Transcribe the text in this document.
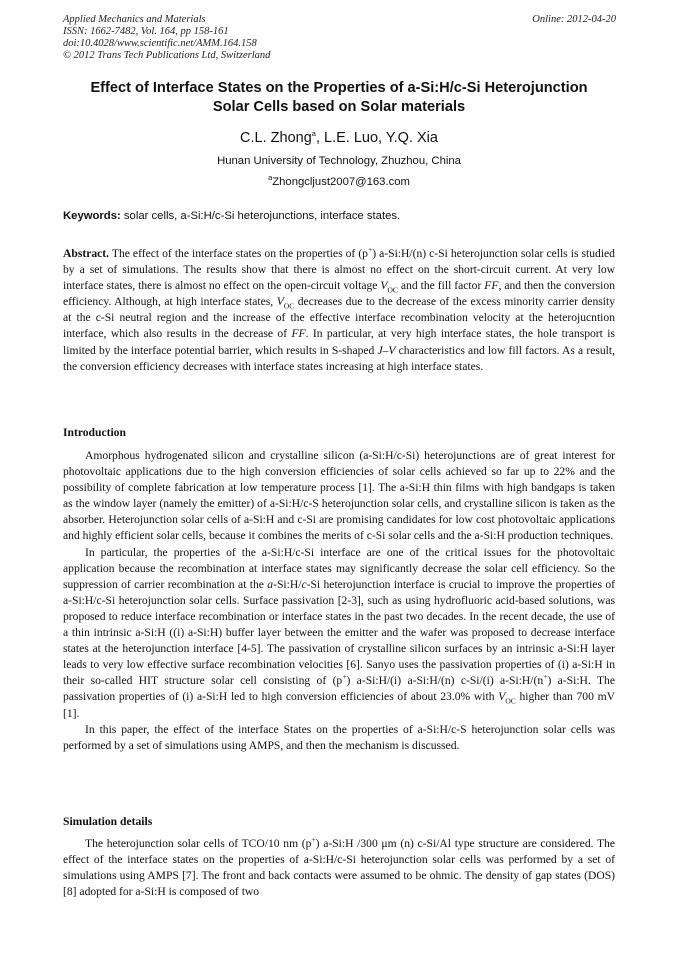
Applied Mechanics and Materials
ISSN: 1662-7482, Vol. 164, pp 158-161
doi:10.4028/www.scientific.net/AMM.164.158
© 2012 Trans Tech Publications Ltd, Switzerland
Online: 2012-04-20
Effect of Interface States on the Properties of a-Si:H/c-Si Heterojunction
Solar Cells based on Solar materials
C.L. Zhong$^a$, L.E. Luo, Y.Q. Xia
Hunan University of Technology, Zhuzhou, China
$^a$Zhongcljust2007@163.com
Keywords: solar cells, a-Si:H/c-Si heterojunctions, interface states.

Abstract. The effect of the interface states on the properties of (p+) a-Si:H/(n) c-Si heterojunction solar cells is studied by a set of simulations. The results show that there is almost no effect on the short-circuit current. At very low interface states, there is almost no effect on the open-circuit voltage $V_{OC}$ and the fill factor FF, and then the conversion efficiency. Although, at high interface states, $V_{OC}$ decreases due to the decrease of the excess minority carrier density at the c-Si neutral region and the increase of the effective interface recombination velocity at the heterojucntion interface, which also results in the decrease of FF. In particular, at very high interface states, the hole transport is limited by the interface potential barrier, which results in S-shaped J–V characteristics and low fill factors. As a result, the conversion efficiency decreases with interface states increasing at high interface states.

Introduction

Amorphous hydrogenated silicon and crystalline silicon (a-Si:H/c-Si) heterojunctions are of great interest for photovoltaic applications due to the high conversion efficiencies of solar cells achieved so far up to 22% and the possibility of complete fabrication at low temperature process [1]. The a-Si:H thin films with high bandgaps is taken as the window layer (namely the emitter) of a-Si:H/c-S heterojunction solar cells, and crystalline silicon is taken as the absorber. Heterojunction solar cells of a-Si:H and c-Si are promising candidates for low cost photovoltaic applications and highly efficient solar cells, because it combines the merits of c-Si solar cells and the a-Si:H production techniques.

In particular, the properties of the a-Si:H/c-Si interface are one of the critical issues for the photovoltaic application because the recombination at interface states may significantly decrease the solar cell efficiency. So the suppression of carrier recombination at the a-Si:H/c-Si heterojunction interface is crucial to improve the properties of a-Si:H/c-Si heterojunction solar cells. Surface passivation [2-3], such as using hydrofluoric acid-based solutions, was proposed to reduce interface recombination or interface states in the past two decades. In the recent decade, the use of a thin intrinsic a-Si:H ((i) a-Si:H) buffer layer between the emitter and the wafer was proposed to decrease interface states at the heterojunction interface [4-5]. The passivation of crystalline silicon surfaces by an intrinsic a-Si:H layer leads to very low effective surface recombination velocities [6]. Sanyo uses the passivation properties of (i) a-Si:H in their so-called HIT structure solar cell consisting of (p+) a-Si:H/(i) a-Si:H/(n) c-Si/(i) a-Si:H/(n+) a-Si:H. The passivation properties of (i) a-Si:H led to high conversion efficiencies of about 23.0% with $V_{OC}$ higher than 700 mV [1].

In this paper, the effect of the interface States on the properties of a-Si:H/c-S heterojunction solar cells was performed by a set of simulations using AMPS, and then the mechanism is discussed.

Simulation details

The heterojunction solar cells of TCO/10 nm (p+) a-Si:H /300 μm (n) c-Si/Al type structure are considered. The effect of the interface states on the properties of a-Si:H/c-Si heterojunction solar cells was performed by a set of simulations using AMPS [7]. The front and back contacts were assumed to be ohmic. The density of gap states (DOS) [8] adopted for a-Si:H is composed of two
